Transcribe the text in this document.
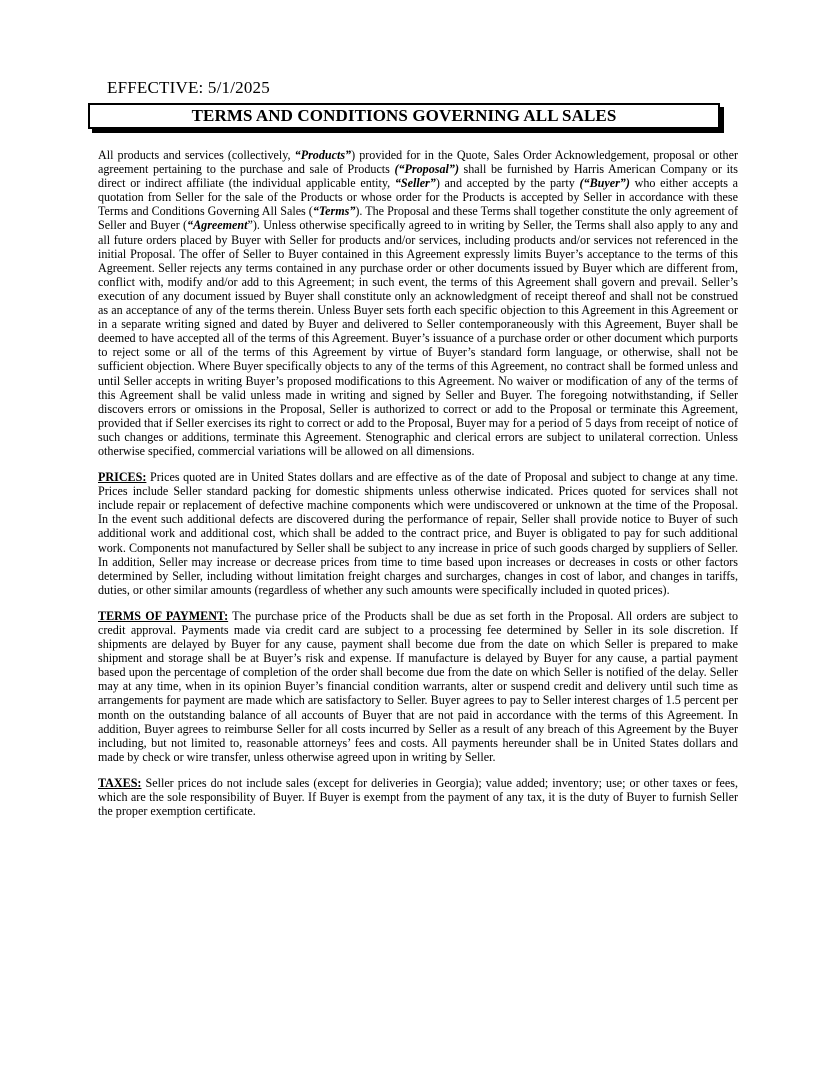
EFFECTIVE: 5/1/2025
TERMS AND CONDITIONS GOVERNING ALL SALES

All products and services (collectively, “Products”) provided for in the Quote, Sales Order Acknowledgement, proposal or other agreement pertaining to the purchase and sale of Products (“Proposal”) shall be furnished by Harris American Company or its direct or indirect affiliate (the individual applicable entity, “Seller”) and accepted by the party (“Buyer”) who either accepts a quotation from Seller for the sale of the Products or whose order for the Products is accepted by Seller in accordance with these Terms and Conditions Governing All Sales (“Terms”). The Proposal and these Terms shall together constitute the only agreement of Seller and Buyer (“Agreement”). Unless otherwise specifically agreed to in writing by Seller, the Terms shall also apply to any and all future orders placed by Buyer with Seller for products and/or services, including products and/or services not referenced in the initial Proposal. The offer of Seller to Buyer contained in this Agreement expressly limits Buyer’s acceptance to the terms of this Agreement. Seller rejects any terms contained in any purchase order or other documents issued by Buyer which are different from, conflict with, modify and/or add to this Agreement; in such event, the terms of this Agreement shall govern and prevail. Seller’s execution of any document issued by Buyer shall constitute only an acknowledgment of receipt thereof and shall not be construed as an acceptance of any of the terms therein. Unless Buyer sets forth each specific objection to this Agreement in this Agreement or in a separate writing signed and dated by Buyer and delivered to Seller contemporaneously with this Agreement, Buyer shall be deemed to have accepted all of the terms of this Agreement. Buyer’s issuance of a purchase order or other document which purports to reject some or all of the terms of this Agreement by virtue of Buyer’s standard form language, or otherwise, shall not be sufficient objection. Where Buyer specifically objects to any of the terms of this Agreement, no contract shall be formed unless and until Seller accepts in writing Buyer’s proposed modifications to this Agreement. No waiver or modification of any of the terms of this Agreement shall be valid unless made in writing and signed by Seller and Buyer. The foregoing notwithstanding, if Seller discovers errors or omissions in the Proposal, Seller is authorized to correct or add to the Proposal or terminate this Agreement, provided that if Seller exercises its right to correct or add to the Proposal, Buyer may for a period of 5 days from receipt of notice of such changes or additions, terminate this Agreement. Stenographic and clerical errors are subject to unilateral correction. Unless otherwise specified, commercial variations will be allowed on all dimensions.

PRICES: Prices quoted are in United States dollars and are effective as of the date of Proposal and subject to change at any time. Prices include Seller standard packing for domestic shipments unless otherwise indicated. Prices quoted for services shall not include repair or replacement of defective machine components which were undiscovered or unknown at the time of the Proposal. In the event such additional defects are discovered during the performance of repair, Seller shall provide notice to Buyer of such additional work and additional cost, which shall be added to the contract price, and Buyer is obligated to pay for such additional work. Components not manufactured by Seller shall be subject to any increase in price of such goods charged by suppliers of Seller. In addition, Seller may increase or decrease prices from time to time based upon increases or decreases in costs or other factors determined by Seller, including without limitation freight charges and surcharges, changes in cost of labor, and changes in tariffs, duties, or other similar amounts (regardless of whether any such amounts were specifically included in quoted prices).

TERMS OF PAYMENT: The purchase price of the Products shall be due as set forth in the Proposal. All orders are subject to credit approval. Payments made via credit card are subject to a processing fee determined by Seller in its sole discretion. If shipments are delayed by Buyer for any cause, payment shall become due from the date on which Seller is prepared to make shipment and storage shall be at Buyer’s risk and expense. If manufacture is delayed by Buyer for any cause, a partial payment based upon the percentage of completion of the order shall become due from the date on which Seller is notified of the delay. Seller may at any time, when in its opinion Buyer’s financial condition warrants, alter or suspend credit and delivery until such time as arrangements for payment are made which are satisfactory to Seller. Buyer agrees to pay to Seller interest charges of 1.5 percent per month on the outstanding balance of all accounts of Buyer that are not paid in accordance with the terms of this Agreement. In addition, Buyer agrees to reimburse Seller for all costs incurred by Seller as a result of any breach of this Agreement by the Buyer including, but not limited to, reasonable attorneys’ fees and costs. All payments hereunder shall be in United States dollars and made by check or wire transfer, unless otherwise agreed upon in writing by Seller.

TAXES: Seller prices do not include sales (except for deliveries in Georgia); value added; inventory; use; or other taxes or fees, which are the sole responsibility of Buyer. If Buyer is exempt from the payment of any tax, it is the duty of Buyer to furnish Seller the proper exemption certificate.
